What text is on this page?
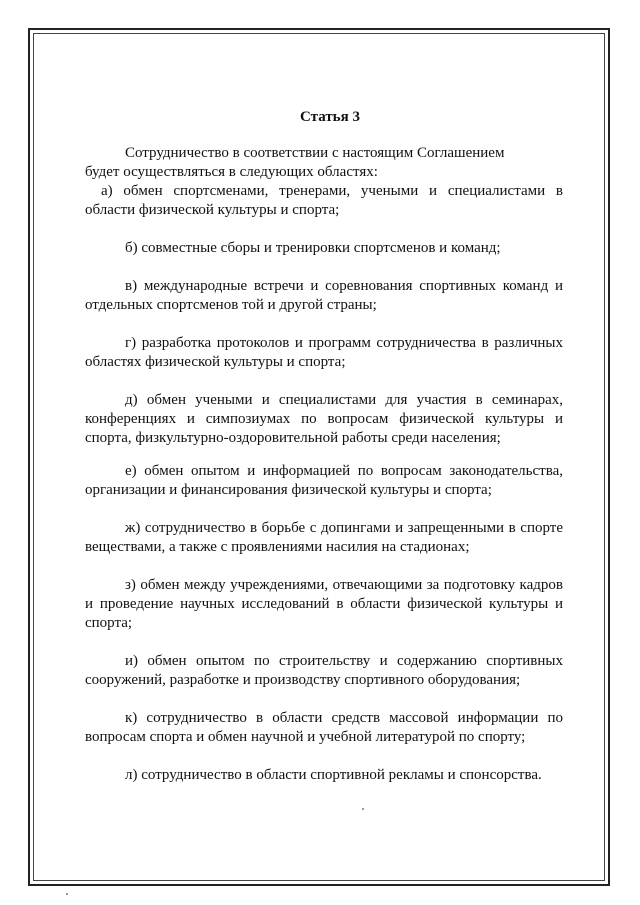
Статья 3

Сотрудничество в соответствии с настоящим Соглашением

будет осуществляться в следующих областях:

а) обмен спортсменами, тренерами, учеными и специалистами в области физической культуры и спорта;

б) совместные сборы и тренировки спортсменов и команд;

в) международные встречи и соревнования спортивных команд и отдельных спортсменов той и другой страны;

г) разработка протоколов и программ сотрудничества в различных областях физической культуры и спорта;

д) обмен учеными и специалистами для участия в семинарах, конференциях и симпозиумах по вопросам физической культуры и спорта, физкультурно-оздоровительной работы среди населения;

е) обмен опытом и информацией по вопросам законодательства, организации и финансирования физической культуры и спорта;

ж) сотрудничество в борьбе с допингами и запрещенными в спорте веществами, а также с проявлениями насилия на стадионах;

з) обмен между учреждениями, отвечающими за подготовку кадров и проведение научных исследований в области физической культуры и спорта;

и) обмен опытом по строительству и содержанию спортивных сооружений, разработке и производству спортивного оборудования;

к) сотрудничество в области средств массовой информации по вопросам спорта и обмен научной и учебной литературой по спорту;

л) сотрудничество в области спортивной рекламы и спонсорства.
